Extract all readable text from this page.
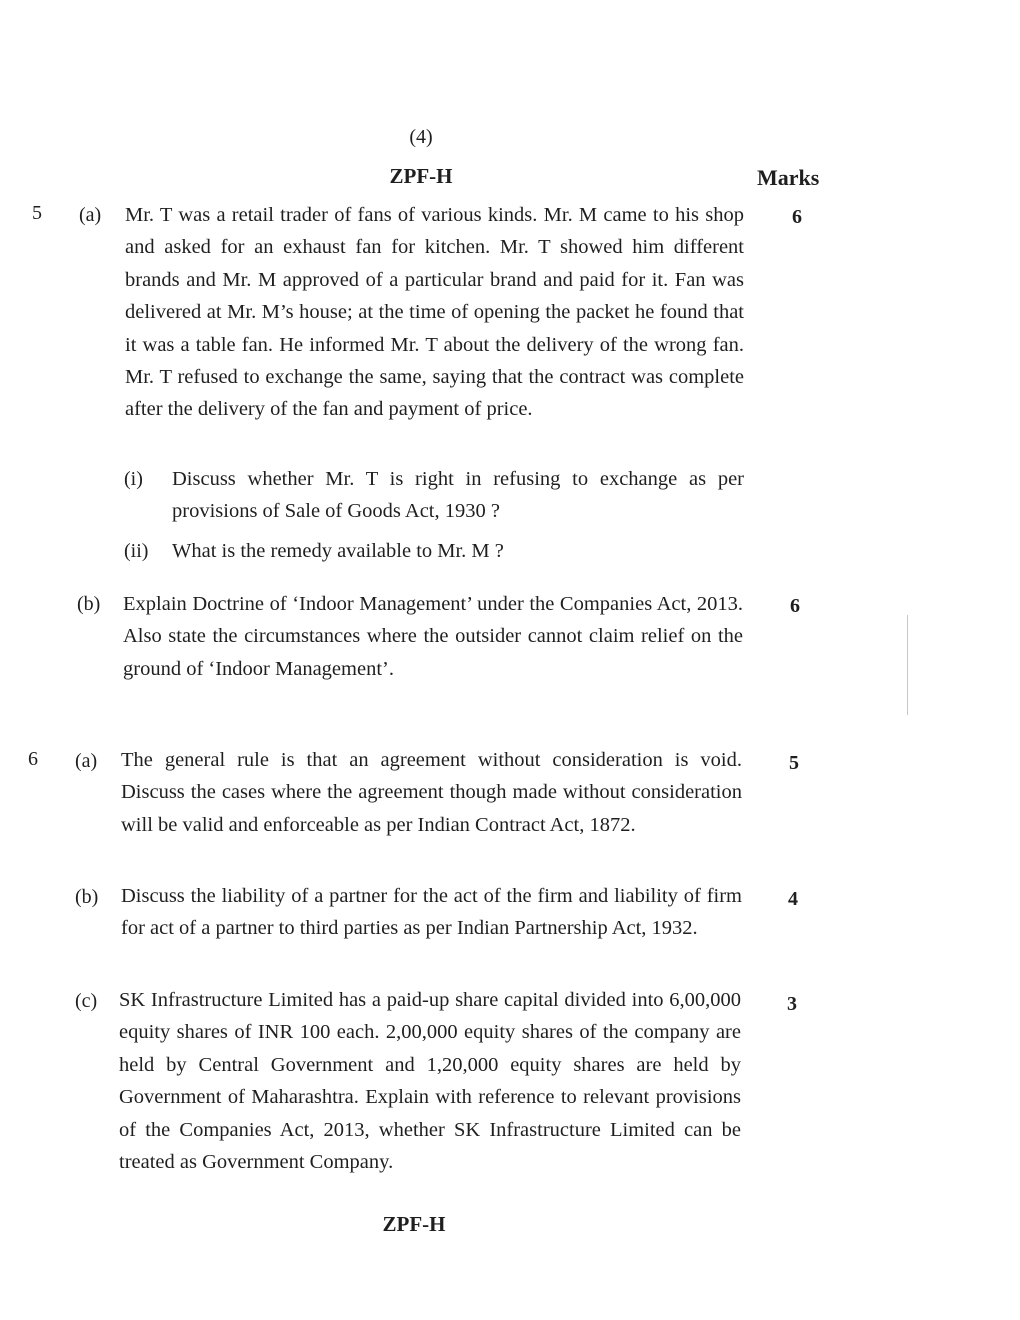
(4)
ZPF-H	Marks
5 (a) Mr. T was a retail trader of fans of various kinds. Mr. M came to his shop and asked for an exhaust fan for kitchen. Mr. T showed him different brands and Mr. M approved of a particular brand and paid for it. Fan was delivered at Mr. M’s house; at the time of opening the packet he found that it was a table fan. He informed Mr. T about the delivery of the wrong fan. Mr. T refused to exchange the same, saying that the contract was complete after the delivery of the fan and payment of price.
6
(i) Discuss whether Mr. T is right in refusing to exchange as per provisions of Sale of Goods Act, 1930 ?
(ii) What is the remedy available to Mr. M ?
(b) Explain Doctrine of ‘Indoor Management’ under the Companies Act, 2013. Also state the circumstances where the outsider cannot claim relief on the ground of ‘Indoor Management’.
6
6 (a) The general rule is that an agreement without consideration is void. Discuss the cases where the agreement though made without consideration will be valid and enforceable as per Indian Contract Act, 1872.
5
(b) Discuss the liability of a partner for the act of the firm and liability of firm for act of a partner to third parties as per Indian Partnership Act, 1932.
4
(c) SK Infrastructure Limited has a paid-up share capital divided into 6,00,000 equity shares of INR 100 each. 2,00,000 equity shares of the company are held by Central Government and 1,20,000 equity shares are held by Government of Maharashtra. Explain with reference to relevant provisions of the Companies Act, 2013, whether SK Infrastructure Limited can be treated as Government Company.
3
ZPF-H
